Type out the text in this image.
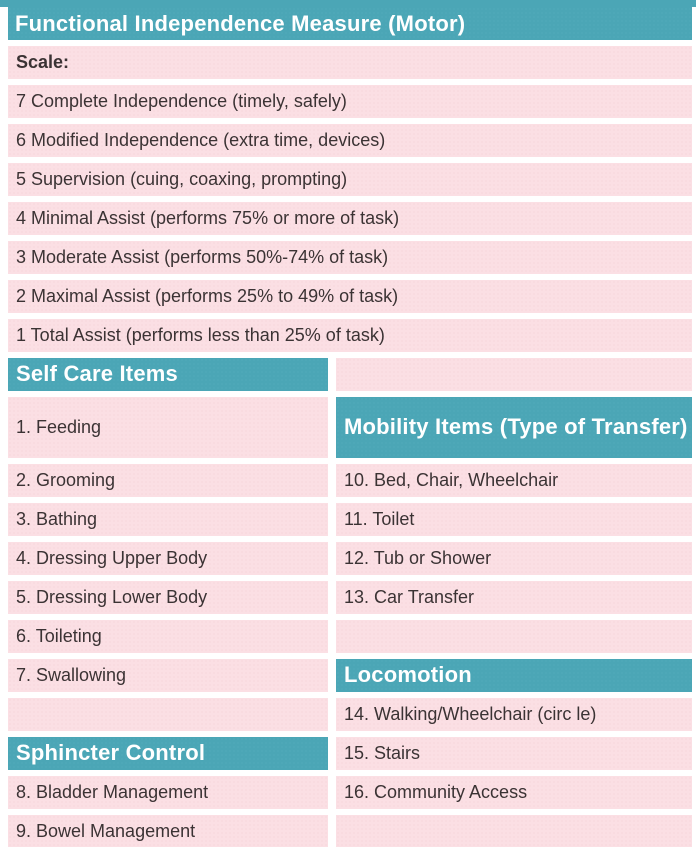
Functional Independence Measure (Motor)
Scale:
7 Complete Independence (timely, safely)
6 Modified Independence (extra time, devices)
5 Supervision (cuing, coaxing, prompting)
4 Minimal Assist (performs 75% or more of task)
3 Moderate Assist (performs 50%-74% of task)
2 Maximal Assist (performs 25% to 49% of task)
1 Total Assist (performs less than 25% of task)
Self Care Items
1. Feeding
2. Grooming
3. Bathing
4. Dressing Upper Body
5. Dressing Lower Body
6. Toileting
7. Swallowing
Sphincter Control
8. Bladder Management
9. Bowel Management
Mobility Items (Type of Transfer)
10. Bed, Chair, Wheelchair
11. Toilet
12. Tub or Shower
13. Car Transfer
Locomotion
14. Walking/Wheelchair (circ le)
15. Stairs
16. Community Access
